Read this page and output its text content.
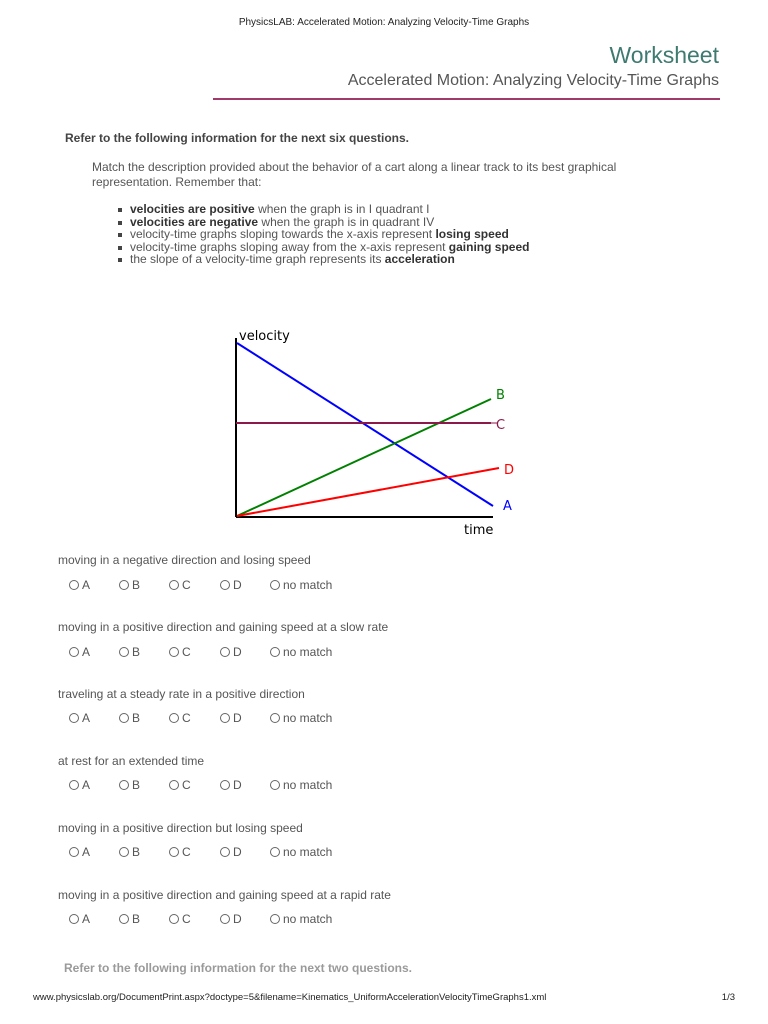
PhysicsLAB: Accelerated Motion: Analyzing Velocity-Time Graphs
Worksheet
Accelerated Motion: Analyzing Velocity-Time Graphs
Refer to the following information for the next six questions.
Match the description provided about the behavior of a cart along a linear track to its best graphical representation. Remember that:
velocities are positive when the graph is in I quadrant I
velocities are negative when the graph is in quadrant IV
velocity-time graphs sloping towards the x-axis represent losing speed
velocity-time graphs sloping away from the x-axis represent gaining speed
the slope of a velocity-time graph represents its acceleration
velocity
time
A
B
C
D
moving in a negative direction and losing speed
A	B	C	D	no match
moving in a positive direction and gaining speed at a slow rate
A	B	C	D	no match
traveling at a steady rate in a positive direction
A	B	C	D	no match
at rest for an extended time
A	B	C	D	no match
moving in a positive direction but losing speed
A	B	C	D	no match
moving in a positive direction and gaining speed at a rapid rate
A	B	C	D	no match
Refer to the following information for the next two questions.
www.physicslab.org/DocumentPrint.aspx?doctype=5&filename=Kinematics_UniformAccelerationVelocityTimeGraphs1.xml	1/3
